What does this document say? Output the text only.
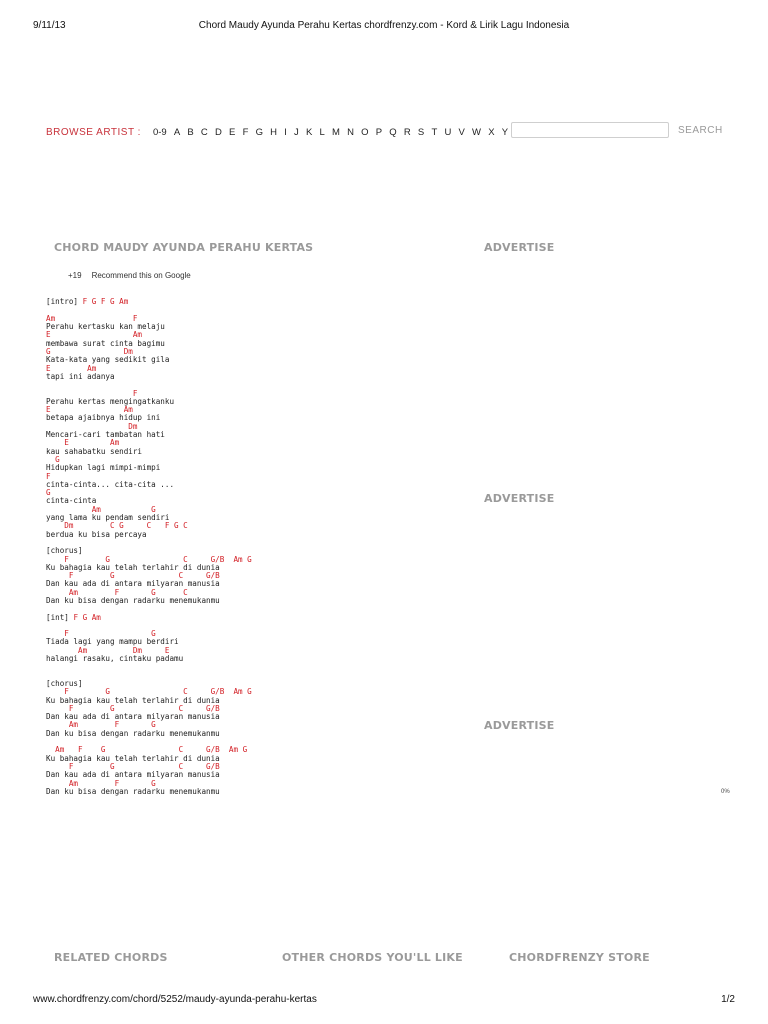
9/11/13	Chord Maudy Ayunda Perahu Kertas chordfrenzy.com - Kord & Lirik Lagu Indonesia
BROWSE ARTIST : 0-9 A B C D E F G H I J K L M N O P Q R S T U V W X Y	SEARCH
CHORD MAUDY AYUNDA PERAHU KERTAS	ADVERTISE
ADVERTISE
ADVERTISE
+19 Recommend this on Google
[intro] F G F G Am
Am                 F
Perahu kertasku kan melaju
E                  Am
membawa surat cinta bagimu
G                Dm
Kata-kata yang sedikit gila
E        Am
tapi ini adanya
F
Perahu kertas mengingatkanku
E                Am
betapa ajaibnya hidup ini
Dm
Mencari-cari tambatan hati
E         Am
kau sahabatku sendiri
G
Hidupkan lagi mimpi-mimpi
F
cinta-cinta... cita-cita ...
G
cinta-cinta
Am           G
yang lama ku pendam sendiri
Dm        C G     C   F G C
berdua ku bisa percaya
[chorus]
F        G                C     G/B  Am G
Ku bahagia kau telah terlahir di dunia
F        G              C     G/B
Dan kau ada di antara milyaran manusia
Am        F       G      C
Dan ku bisa dengan radarku menemukanmu
[int] F G Am
F                  G
Tiada lagi yang mampu berdiri
Am          Dm     E
halangi rasaku, cintaku padamu
[chorus]
F        G                C     G/B  Am G
Ku bahagia kau telah terlahir di dunia
F        G              C     G/B
Dan kau ada di antara milyaran manusia
Am        F       G
Dan ku bisa dengan radarku menemukanmu
Am   F    G                C     G/B  Am G
Ku bahagia kau telah terlahir di dunia
F        G              C     G/B
Dan kau ada di antara milyaran manusia
Am        F       G
Dan ku bisa dengan radarku menemukanmu	0%
RELATED CHORDS	OTHER CHORDS YOU'LL LIKE	CHORDFRENZY STORE
www.chordfrenzy.com/chord/5252/maudy-ayunda-perahu-kertas	1/2
